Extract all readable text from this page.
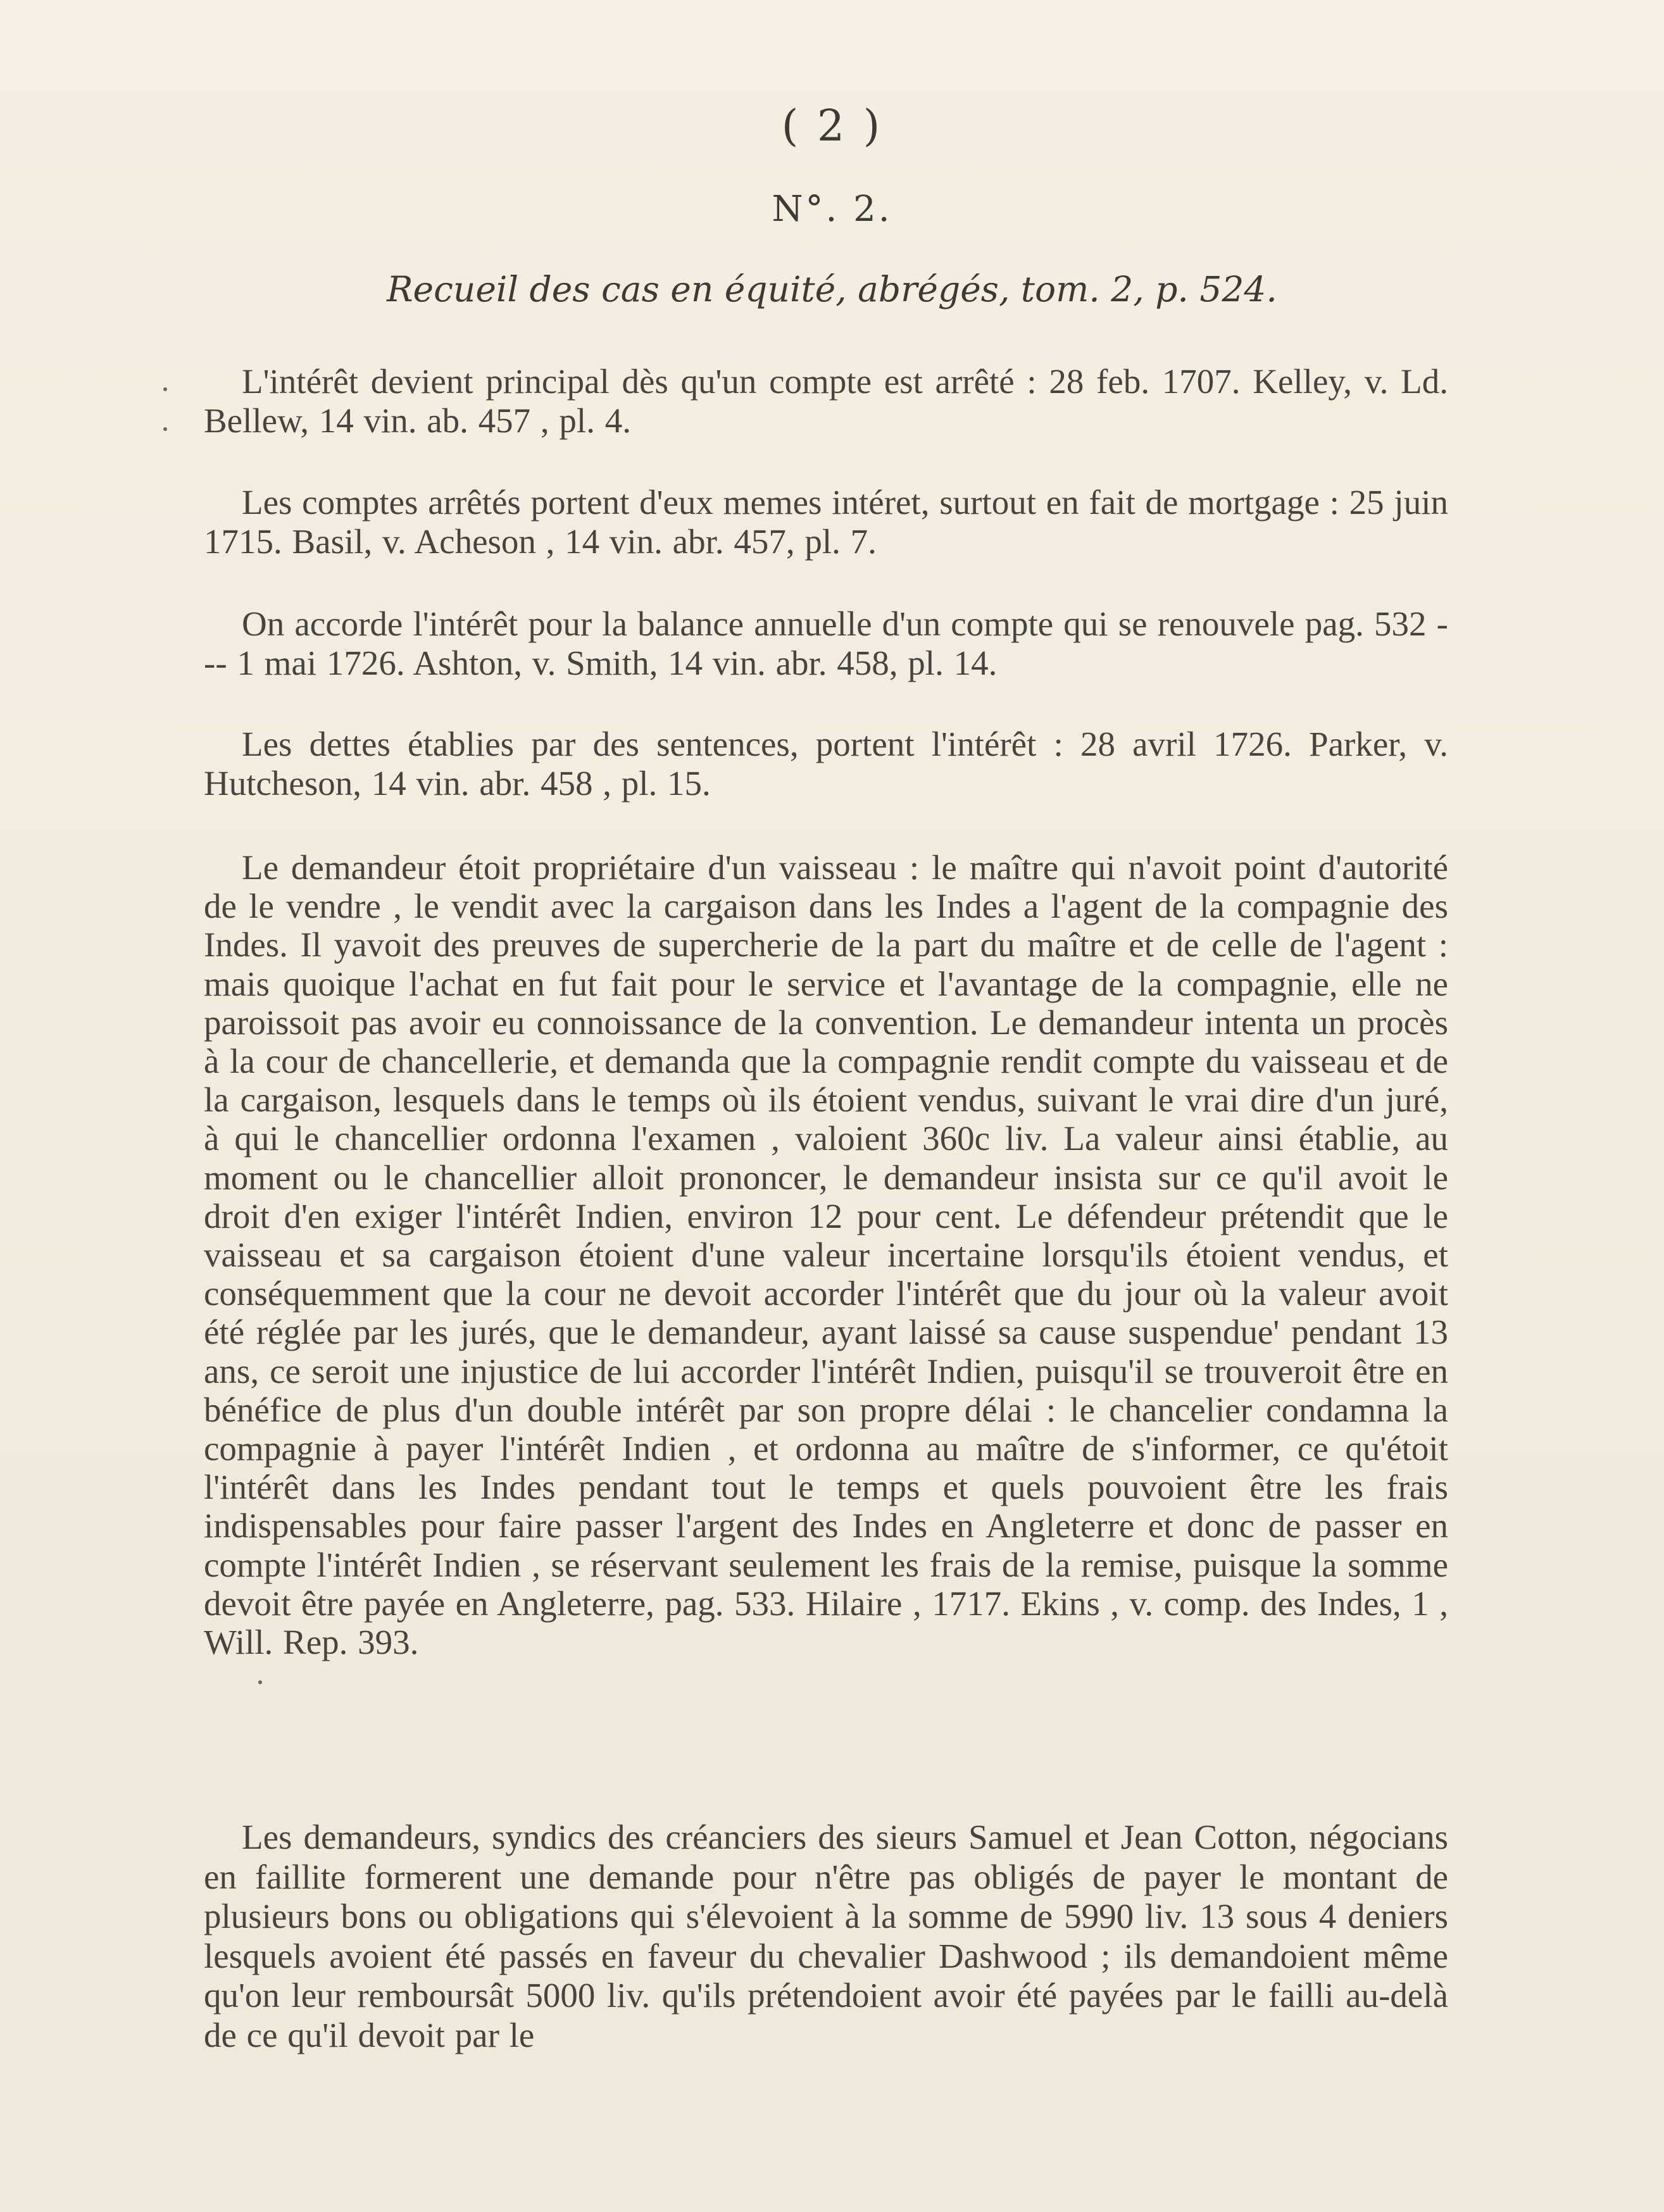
( 2 )
N°. 2.
Recueil des cas en équité, abrégés, tom. 2, p. 524.

L'intérêt devient principal dès qu'un compte est arrêté : 28 feb. 1707. Kelley, v. Ld. Bellew, 14 vin. ab. 457 , pl. 4.

Les comptes arrêtés portent d'eux memes intéret, surtout en fait de mortgage : 25 juin 1715. Basil, v. Acheson , 14 vin. abr. 457, pl. 7.

On accorde l'intérêt pour la balance annuelle d'un compte qui se renouvele pag. 532 --- 1 mai 1726. Ashton, v. Smith, 14 vin. abr. 458, pl. 14.

Les dettes établies par des sentences, portent l'intérêt : 28 avril 1726. Parker, v. Hutcheson, 14 vin. abr. 458 , pl. 15.

Le demandeur étoit propriétaire d'un vaisseau : le maître qui n'avoit point d'autorité de le vendre , le vendit avec la cargaison dans les Indes a l'agent de la compagnie des Indes. Il yavoit des preuves de supercherie de la part du maître et de celle de l'agent : mais quoique l'achat en fut fait pour le service et l'avantage de la compagnie, elle ne paroissoit pas avoir eu connoissance de la convention. Le demandeur intenta un procès à la cour de chancellerie, et demanda que la compagnie rendit compte du vaisseau et de la cargaison, lesquels dans le temps où ils étoient vendus, suivant le vrai dire d'un juré, à qui le chancellier ordonna l'examen , valoient 360c liv. La valeur ainsi établie, au moment ou le chancellier alloit prononcer, le demandeur insista sur ce qu'il avoit le droit d'en exiger l'intérêt Indien, environ 12 pour cent. Le défendeur prétendit que le vaisseau et sa cargaison étoient d'une valeur incertaine lorsqu'ils étoient vendus, et conséquemment que la cour ne devoit accorder l'intérêt que du jour où la valeur avoit été réglée par les jurés, que le demandeur, ayant laissé sa cause suspendue' pendant 13 ans, ce seroit une injustice de lui accorder l'intérêt Indien, puisqu'il se trouveroit être en bénéfice de plus d'un double intérêt par son propre délai : le chancelier condamna la compagnie à payer l'intérêt Indien , et ordonna au maître de s'informer, ce qu'étoit l'intérêt dans les Indes pendant tout le temps et quels pouvoient être les frais indispensables pour faire passer l'argent des Indes en Angleterre et donc de passer en compte l'intérêt Indien , se réservant seulement les frais de la remise, puisque la somme devoit être payée en Angleterre, pag. 533. Hilaire , 1717. Ekins , v. comp. des Indes, 1 , Will. Rep. 393.

Les demandeurs, syndics des créanciers des sieurs Samuel et Jean Cotton, négocians en faillite formerent une demande pour n'être pas obligés de payer le montant de plusieurs bons ou obligations qui s'élevoient à la somme de 5990 liv. 13 sous 4 deniers lesquels avoient été passés en faveur du chevalier Dashwood ; ils demandoient même qu'on leur remboursât 5000 liv. qu'ils prétendoient avoir été payées par le failli au-delà de ce qu'il devoit par le
